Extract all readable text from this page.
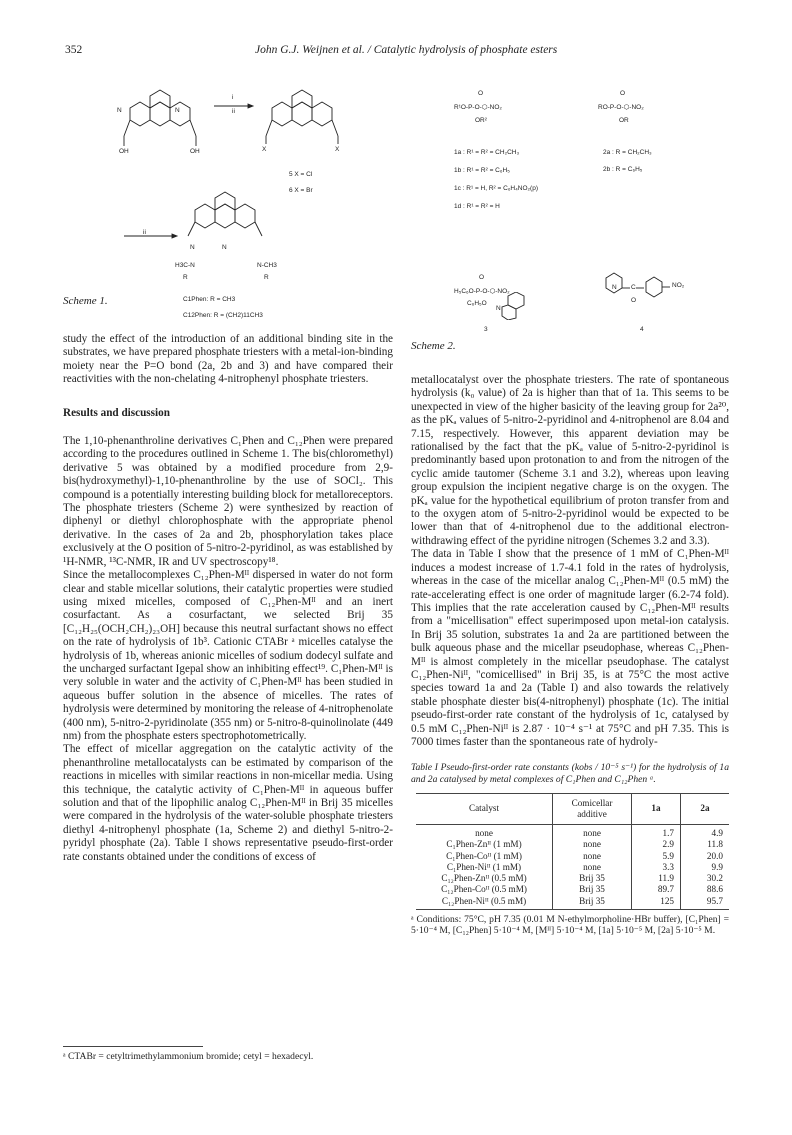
352	John G.J. Weijnen et al. / Catalytic hydrolysis of phosphate esters
N	N
OH	OH
i
ii
X	X
5 X = Cl
6 X = Br
ii
N	N
H3C-N	N-CH3
R	R
C1Phen: R = CH3
C12Phen: R = (CH2)11CH3
Scheme 1.
O
R¹O-P-O-⬡-NO₂
OR²
O
RO-P-O-⬡-NO₂
OR
1a : R¹ = R² = CH₂CH₃
1b : R¹ = R² = C₆H₅
1c : R¹ = H, R² = C₆H₄NO₂(p)
1d : R¹ = R² = H
2a : R = CH₂CH₃
2b : R = C₆H₅
O
H₅C₆O-P-O-⬡-NO₂
C₆H₅O
N
N C
O
NO₂
3	4
Scheme 2.

study the effect of the introduction of an additional binding site in the substrates, we have prepared phosphate triesters with a metal-ion-binding moiety near the P=O bond (2a, 2b and 3) and have compared their reactivities with the non-chelating 4-nitrophenyl phosphate triesters.

Results and discussion

The 1,10-phenanthroline derivatives C₁Phen and C₁₂Phen were prepared according to the procedures outlined in Scheme 1. The bis(chloromethyl) derivative 5 was obtained by a modified procedure from 2,9-bis(hydroxymethyl)-1,10-phenanthroline by the use of SOCl₂. This compound is a potentially interesting building block for metalloreceptors. The phosphate triesters (Scheme 2) were synthesized by reaction of diphenyl or diethyl chlorophosphate with the appropriate phenol derivative. In the cases of 2a and 2b, phosphorylation takes place exclusively at the O position of 5-nitro-2-pyridinol, as was established by ¹H-NMR, ¹³C-NMR, IR and UV spectroscopy¹⁸.

Since the metallocomplexes C₁₂Phen-Mᴵᴵ dispersed in water do not form clear and stable micellar solutions, their catalytic properties were studied using mixed micelles, composed of C₁₂Phen-Mᴵᴵ and an inert cosurfactant. As a cosurfactant, we selected Brij 35 [C₁₂H₂₅(OCH₂CH₂)₂₃OH] because this neutral surfactant shows no effect on the rate of hydrolysis of 1b³. Cationic CTABr ᵃ micelles catalyse the hydrolysis of 1b, whereas anionic micelles of sodium dodecyl sulfate and the uncharged surfactant Igepal show an inhibiting effect¹⁹. C₁Phen-Mᴵᴵ is very soluble in water and the activity of C₁Phen-Mᴵᴵ has been studied in aqueous buffer solution in the absence of micelles. The rates of hydrolysis were determined by monitoring the release of 4-nitrophenolate (400 nm), 5-nitro-2-pyridinolate (355 nm) or 5-nitro-8-quinolinolate (449 nm) from the phosphate esters spectrophotometrically.

The effect of micellar aggregation on the catalytic activity of the phenanthroline metallocatalysts can be estimated by comparison of the reactions in micelles with similar reactions in non-micellar media. Using this technique, the catalytic activity of C₁Phen-Mᴵᴵ in aqueous buffer solution and that of the lipophilic analog C₁₂Phen-Mᴵᴵ in Brij 35 micelles were compared in the hydrolysis of the water-soluble phosphate triesters diethyl 4-nitrophenyl phosphate (1a, Scheme 2) and diethyl 5-nitro-2-pyridyl phosphate (2a). Table I shows representative pseudo-first-order rate constants obtained under the conditions of excess of

metallocatalyst over the phosphate triesters. The rate of spontaneous hydrolysis (k₀ value) of 2a is higher than that of 1a. This seems to be unexpected in view of the higher basicity of the leaving group for 2a²⁰, as the pKₐ values of 5-nitro-2-pyridinol and 4-nitrophenol are 8.04 and 7.15, respectively. However, this apparent deviation may be rationalised by the fact that the pKₐ value of 5-nitro-2-pyridinol is predominantly based upon protonation to and from the nitrogen of the cyclic amide tautomer (Scheme 3.1 and 3.2), whereas upon leaving group expulsion the incipient negative charge is on the oxygen. The pKₐ value for the hypothetical equilibrium of proton transfer from and to the oxygen atom of 5-nitro-2-pyridinol would be expected to be lower than that of 4-nitrophenol due to the additional electron-withdrawing effect of the pyridine nitrogen (Schemes 3.2 and 3.3).

The data in Table I show that the presence of 1 mM of C₁Phen-Mᴵᴵ induces a modest increase of 1.7-4.1 fold in the rates of hydrolysis, whereas in the case of the micellar analog C₁₂Phen-Mᴵᴵ (0.5 mM) the rate-accelerating effect is one order of magnitude larger (6.2-74 fold). This implies that the rate acceleration caused by C₁₂Phen-Mᴵᴵ results from a "micellisation" effect superimposed upon metal-ion catalysis. In Brij 35 solution, substrates 1a and 2a are partitioned between the bulk aqueous phase and the micellar pseudophase, whereas C₁₂Phen-Mᴵᴵ is almost completely in the micellar pseudophase. The catalyst C₁₂Phen-Niᴵᴵ, "comicellised" in Brij 35, is at 75°C the most active species toward 1a and 2a (Table I) and also towards the relatively stable phosphate diester bis(4-nitrophenyl) phosphate (1c). The initial pseudo-first-order rate constant of the hydrolysis of 1c, catalysed by 0.5 mM C₁₂Phen-Niᴵᴵ is 2.87 · 10⁻⁴ s⁻¹ at 75°C and pH 7.35. This is 7000 times faster than the spontaneous rate of hydroly-

Table I Pseudo-first-order rate constants (kobs / 10⁻⁵ s⁻¹) for the hydrolysis of 1a and 2a catalysed by metal complexes of C₁Phen and C₁₂Phen ᵃ.
Catalyst	Comicellar additive	1a	2a
none	none	1.7	4.9
C₁Phen-Znᴵᴵ (1 mM)	none	2.9	11.8
C₁Phen-Coᴵᴵ (1 mM)	none	5.9	20.0
C₁Phen-Niᴵᴵ (1 mM)	none	3.3	9.9
C₁₂Phen-Znᴵᴵ (0.5 mM)	Brij 35	11.9	30.2
C₁₂Phen-Coᴵᴵ (0.5 mM)	Brij 35	89.7	88.6
C₁₂Phen-Niᴵᴵ (0.5 mM)	Brij 35	125	95.7
ᵃ Conditions: 75°C, pH 7.35 (0.01 M N-ethylmorpholine·HBr buffer), [C₁Phen] = 5·10⁻⁴ M, [C₁₂Phen] 5·10⁻⁴ M, [Mᴵᴵ] 5·10⁻⁴ M, [1a] 5·10⁻⁵ M, [2a] 5·10⁻⁵ M.
ᵃ CTABr = cetyltrimethylammonium bromide; cetyl = hexadecyl.
